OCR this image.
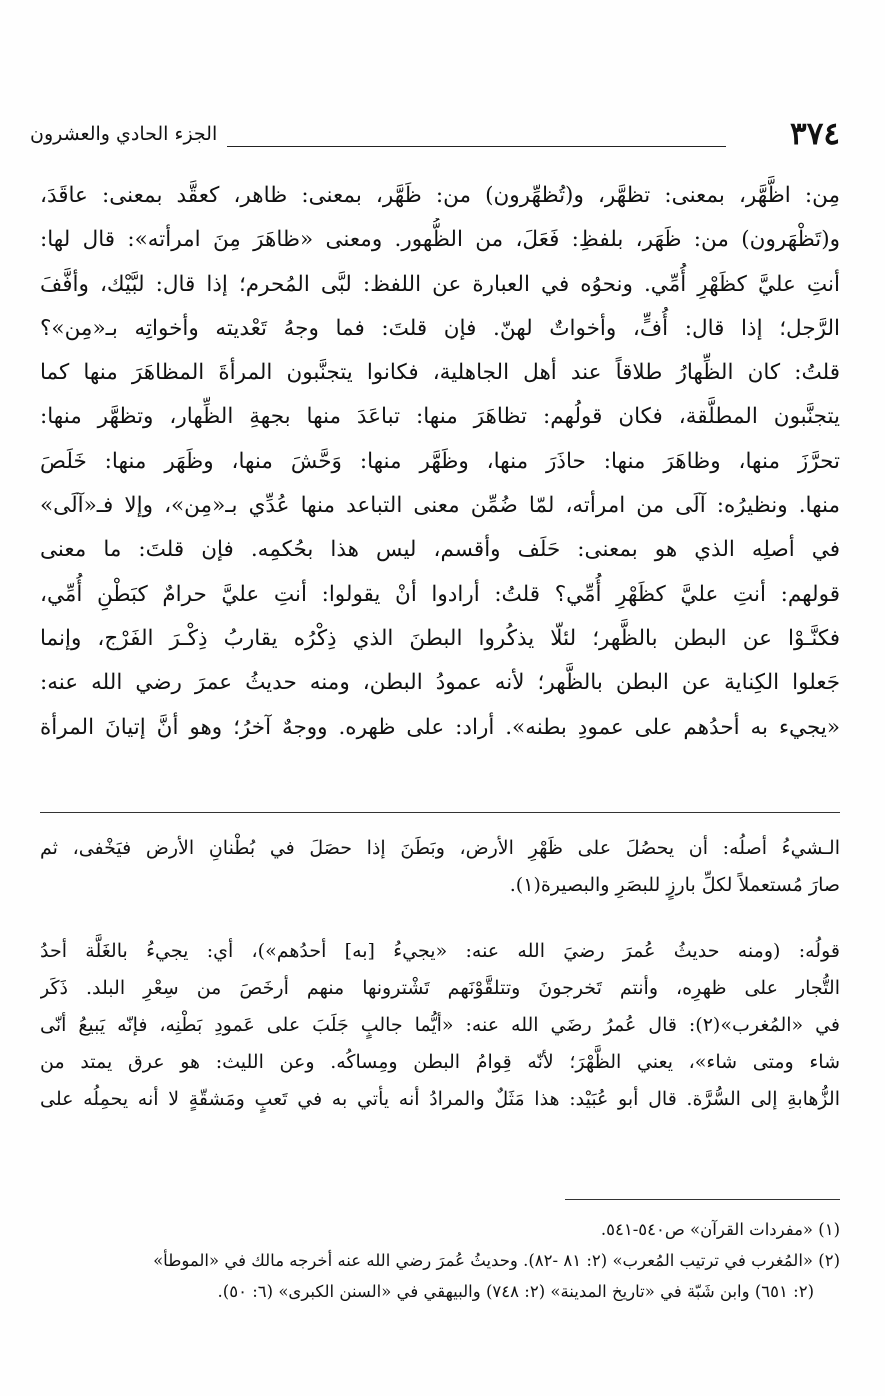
٣٧٤
الجزء الحادي والعشرون

مِن: اظَّهَّر، بمعنى: تظهَّر، و(تُظهِّرون) من: ظَهَّر، بمعنى: ظاهر، كعقَّد بمعنى: عاقَدَ،

و(تَظْهَرون) من: ظَهَر، بلفظِ: فَعَلَ، من الظُّهور. ومعنى «ظاهَرَ مِنَ امرأته»: قال لها:

أنتِ عليَّ كظَهْرِ أُمِّي. ونحوُه في العبارة عن اللفظ: لبَّى المُحرم؛ إذا قال: لبَّيْك، وأفَّفَ

الرَّجل؛ إذا قال: أُفٍّ، وأخواتٌ لهنّ. فإن قلتَ: فما وجهُ تَعْديته وأخواتِه بـ«مِن»؟

قلتُ: كان الظِّهارُ طلاقاً عند أهل الجاهلية، فكانوا يتجنَّبون المرأةَ المظاهَرَ منها كما

يتجنَّبون المطلَّقة، فكان قولُهم: تظاهَرَ منها: تباعَدَ منها بجهةِ الظِّهار، وتظهَّر منها:

تحرَّزَ منها، وظاهَرَ منها: حاذَرَ منها، وظَهَّر منها: وَحَّشَ منها، وظَهَر منها: خَلَصَ

منها. ونظيرُه: آلَى من امرأته، لمّا ضُمِّن معنى التباعد منها عُدِّي بـ«مِن»، وإلا فـ«آلَى»

في أصلِه الذي هو بمعنى: حَلَف وأقسم، ليس هذا بحُكمِه. فإن قلتَ: ما معنى

قولهم: أنتِ عليَّ كظَهْرِ أُمِّي؟ قلتُ: أرادوا أنْ يقولوا: أنتِ عليَّ حرامٌ كبَطْنِ أُمِّي،

فكنَّـوْا عن البطن بالظَّهر؛ لئلّا يذكُروا البطنَ الذي ذِكْرُه يقاربُ ذِكْـرَ الفَرْج، وإنما

جَعلوا الكِناية عن البطن بالظَّهر؛ لأنه عمودُ البطن، ومنه حديثُ عمرَ رضي الله عنه:

«يجيء به أحدُهم على عمودِ بطنه». أراد: على ظهره. ووجهٌ آخرُ؛ وهو أنَّ إتيانَ المرأة

الـشيءُ أصلُه: أن يحصُلَ على ظَهْرِ الأرض، وبَطَنَ إذا حصَلَ في بُطْنانِ الأرض فيَخْفى، ثم

صارَ مُستعملاً لكلِّ بارزٍ للبصَرِ والبصيرة(١).

قولُه: (ومنه حديثُ عُمرَ رضيَ الله عنه: «يجيءُ [به] أحدُهم»)، أي: يجيءُ بالغَلَّة أحدُ

التُّجار على ظهرِه، وأنتم تَخرجونَ وتتلقَّوْنَهم تَشْترونها منهم أرخَصَ من سِعْرِ البلد. ذَكَر

في «المُغرب»(٢): قال عُمرُ رضَي الله عنه: «أيُّما جالبٍ جَلَبَ على عَمودِ بَطْنِه، فإنّه يَبيعُ أنّى

شاء ومتى شاء»، يعني الظَّهْرَ؛ لأنّه قِوامُ البطن ومِساكُه. وعن الليث: هو عرق يمتد من

الزُّهابةِ إلى السُّرَّة. قال أبو عُبَيْد: هذا مَثَلٌ والمرادُ أنه يأتي به في تَعبٍ ومَشقّةٍ لا أنه يحمِلُه على

(١) «مفردات القرآن» ص٥٤٠-٥٤١.

(٢) «المُغرب في ترتيب المُعرب» (٢: ٨١ -٨٢). وحديثُ عُمرَ رضي الله عنه أخرجه مالك في «الموطأ»

(٢: ٦٥١) وابن شَبّة في «تاريخ المدينة» (٢: ٧٤٨) والبيهقي في «السنن الكبرى» (٦: ٥٠).
